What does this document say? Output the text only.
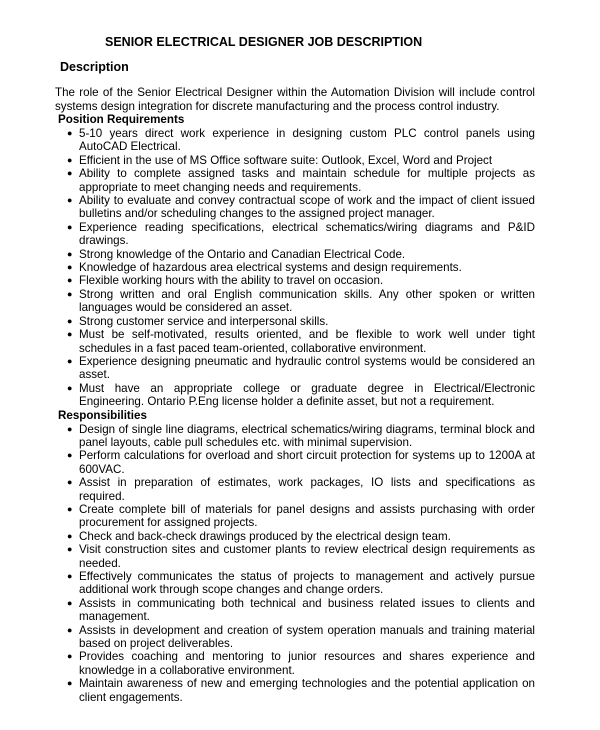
SENIOR ELECTRICAL DESIGNER JOB DESCRIPTION
Description
The role of the Senior Electrical Designer within the Automation Division will include control systems design integration for discrete manufacturing and the process control industry.
Position Requirements
● 5-10 years direct work experience in designing custom PLC control panels using AutoCAD Electrical.
● Efficient in the use of MS Office software suite: Outlook, Excel, Word and Project
● Ability to complete assigned tasks and maintain schedule for multiple projects as appropriate to meet changing needs and requirements.
● Ability to evaluate and convey contractual scope of work and the impact of client issued bulletins and/or scheduling changes to the assigned project manager.
● Experience reading specifications, electrical schematics/wiring diagrams and P&ID drawings.
● Strong knowledge of the Ontario and Canadian Electrical Code.
● Knowledge of hazardous area electrical systems and design requirements.
● Flexible working hours with the ability to travel on occasion.
● Strong written and oral English communication skills. Any other spoken or written languages would be considered an asset.
● Strong customer service and interpersonal skills.
● Must be self-motivated, results oriented, and be flexible to work well under tight schedules in a fast paced team-oriented, collaborative environment.
● Experience designing pneumatic and hydraulic control systems would be considered an asset.
● Must have an appropriate college or graduate degree in Electrical/Electronic Engineering. Ontario P.Eng license holder a definite asset, but not a requirement.
Responsibilities
● Design of single line diagrams, electrical schematics/wiring diagrams, terminal block and panel layouts, cable pull schedules etc. with minimal supervision.
● Perform calculations for overload and short circuit protection for systems up to 1200A at 600VAC.
● Assist in preparation of estimates, work packages, IO lists and specifications as required.
● Create complete bill of materials for panel designs and assists purchasing with order procurement for assigned projects.
● Check and back-check drawings produced by the electrical design team.
● Visit construction sites and customer plants to review electrical design requirements as needed.
● Effectively communicates the status of projects to management and actively pursue additional work through scope changes and change orders.
● Assists in communicating both technical and business related issues to clients and management.
● Assists in development and creation of system operation manuals and training material based on project deliverables.
● Provides coaching and mentoring to junior resources and shares experience and knowledge in a collaborative environment.
● Maintain awareness of new and emerging technologies and the potential application on client engagements.
